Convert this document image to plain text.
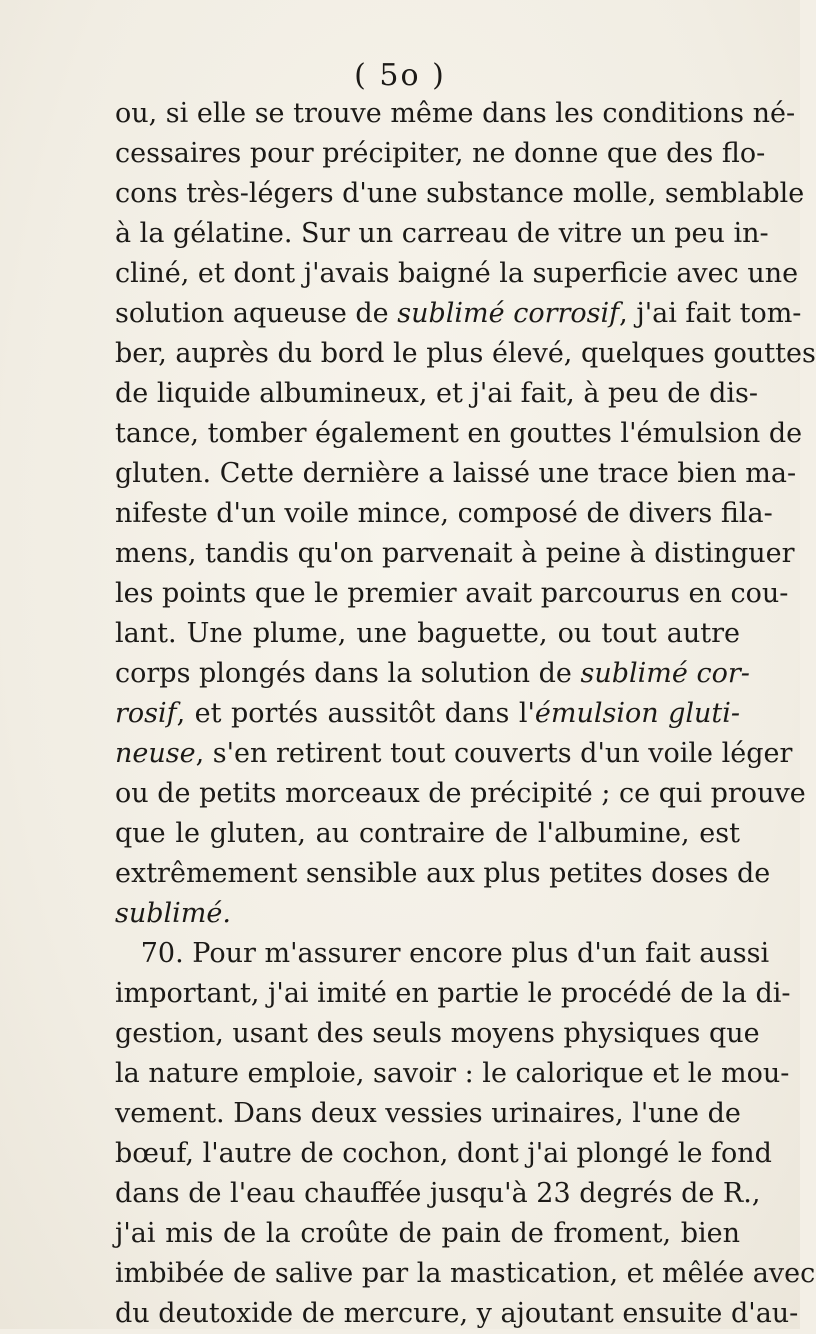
( 5o )
ou, si elle se trouve même dans les conditions né-
cessaires pour précipiter, ne donne que des flo-
cons très-légers d'une substance molle, semblable
à la gélatine. Sur un carreau de vitre un peu in-
cliné, et dont j'avais baigné la superficie avec une
solution aqueuse de sublimé corrosif, j'ai fait tom-
ber, auprès du bord le plus élevé, quelques gouttes
de liquide albumineux, et j'ai fait, à peu de dis-
tance, tomber également en gouttes l'émulsion de
gluten. Cette dernière a laissé une trace bien ma-
nifeste d'un voile mince, composé de divers fila-
mens, tandis qu'on parvenait à peine à distinguer
les points que le premier avait parcourus en cou-
lant. Une plume, une baguette, ou tout autre
corps plongés dans la solution de sublimé cor-
rosif, et portés aussitôt dans l'émulsion gluti-
neuse, s'en retirent tout couverts d'un voile léger
ou de petits morceaux de précipité ; ce qui prouve
que le gluten, au contraire de l'albumine, est
extrêmement sensible aux plus petites doses de
sublimé.
70. Pour m'assurer encore plus d'un fait aussi
important, j'ai imité en partie le procédé de la di-
gestion, usant des seuls moyens physiques que
la nature emploie, savoir : le calorique et le mou-
vement. Dans deux vessies urinaires, l'une de
bœuf, l'autre de cochon, dont j'ai plongé le fond
dans de l'eau chauffée jusqu'à 23 degrés de R.,
j'ai mis de la croûte de pain de froment, bien
imbibée de salive par la mastication, et mêlée avec
du deutoxide de mercure, y ajoutant ensuite d'au-
